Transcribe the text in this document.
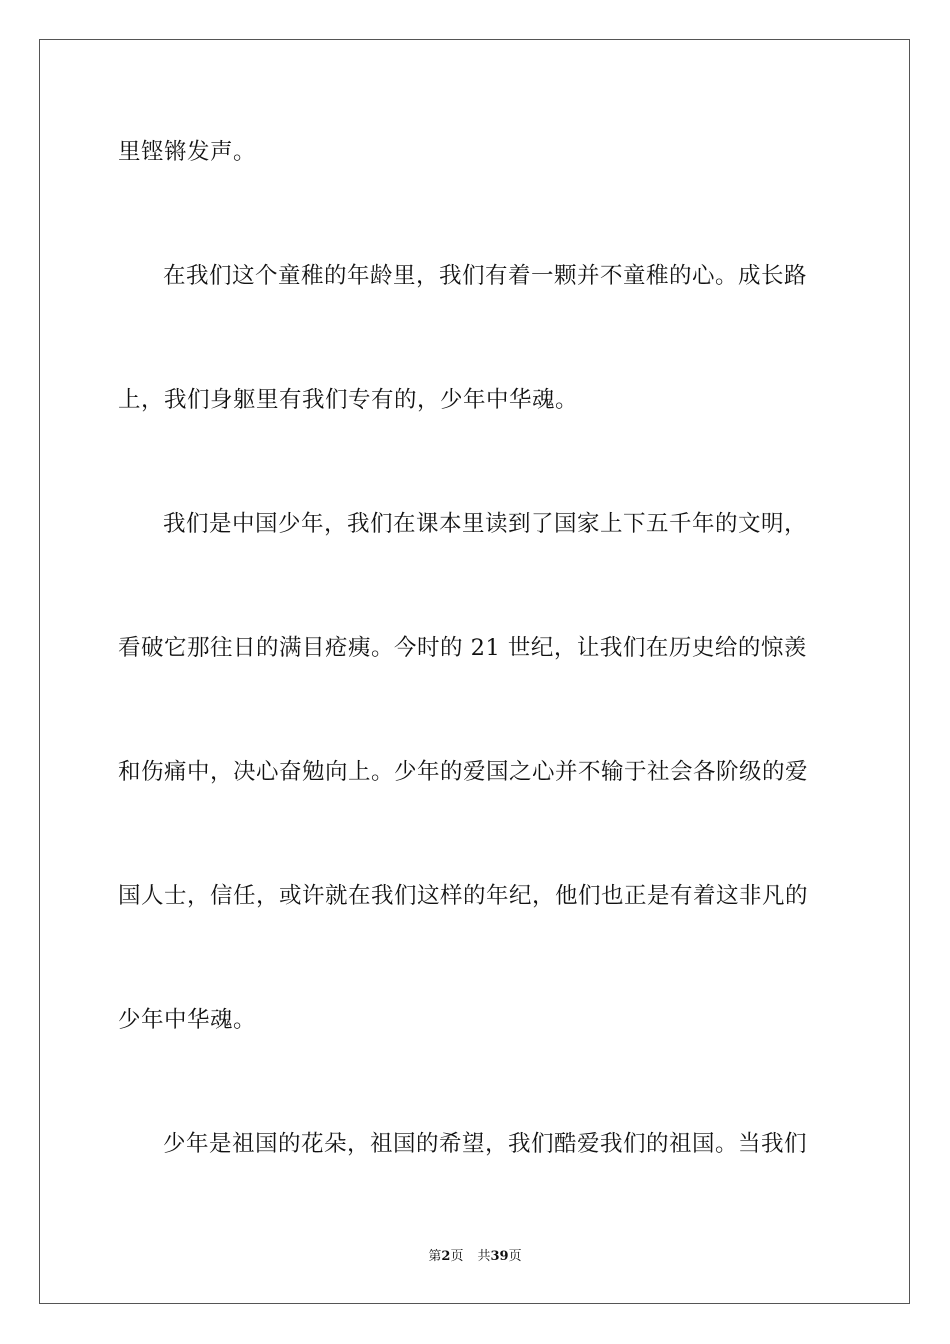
里铿锵发声。
在我们这个童稚的年龄里，我们有着一颗并不童稚的心。成长路
上，我们身躯里有我们专有的，少年中华魂。
我们是中国少年，我们在课本里读到了国家上下五千年的文明，
看破它那往日的满目疮痍。今时的 21 世纪，让我们在历史给的惊羡
和伤痛中，决心奋勉向上。少年的爱国之心并不输于社会各阶级的爱
国人士，信任，或许就在我们这样的年纪，他们也正是有着这非凡的
少年中华魂。
少年是祖国的花朵，祖国的希望，我们酷爱我们的祖国。当我们
第2页 共39页
